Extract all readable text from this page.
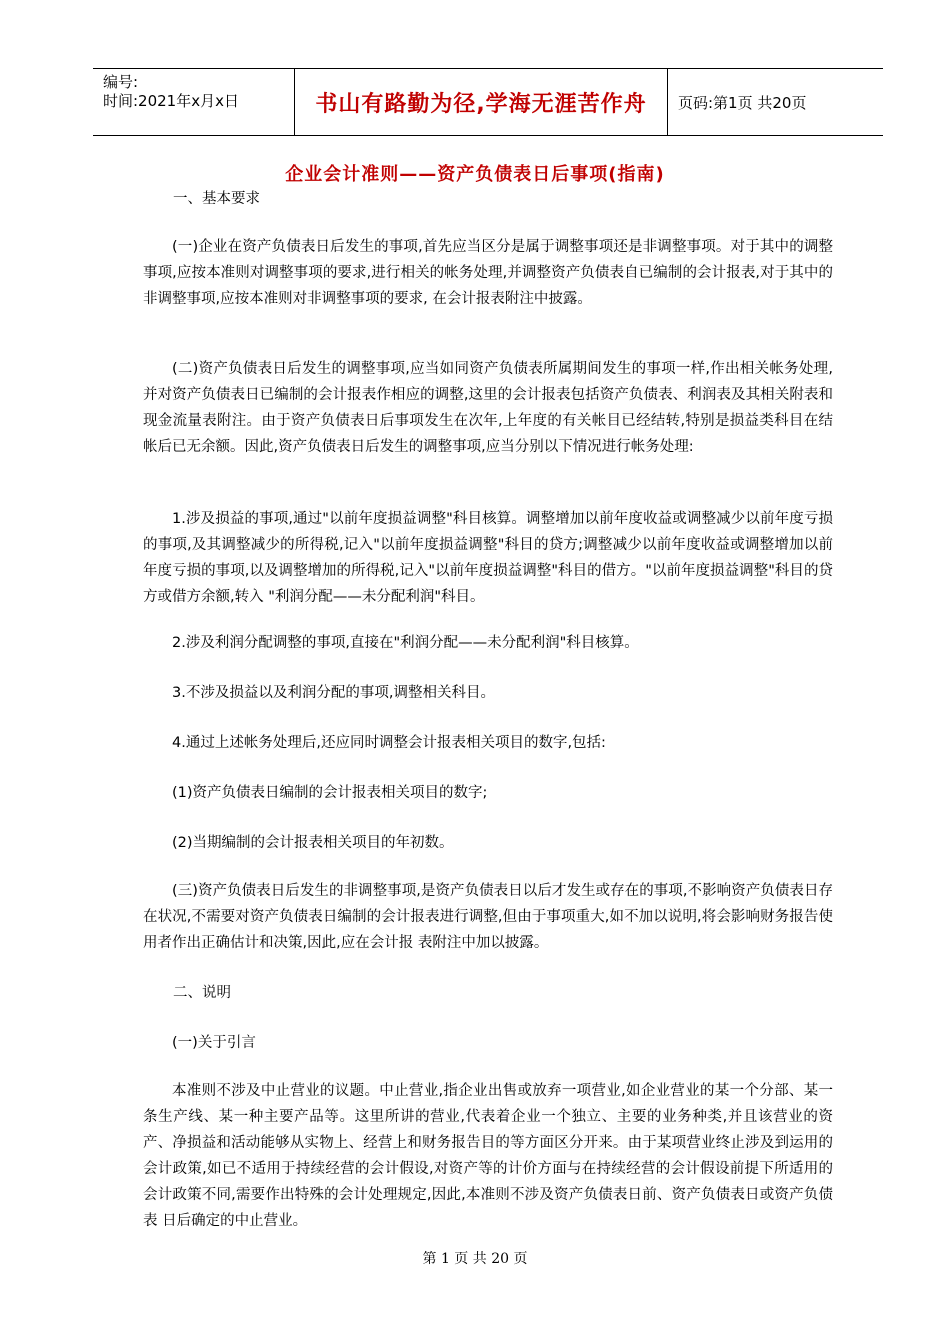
编号:
时间:2021年x月x日	书山有路勤为径,学海无涯苦作舟 页码:第1页 共20页
企业会计准则——资产负债表日后事项(指南)

一、基本要求

(一)企业在资产负债表日后发生的事项,首先应当区分是属于调整事项还是非调整事项。对于其中的调整事项,应按本准则对调整事项的要求,进行相关的帐务处理,并调整资产负债表自已编制的会计报表,对于其中的非调整事项,应按本准则对非调整事项的要求, 在会计报表附注中披露。

(二)资产负债表日后发生的调整事项,应当如同资产负债表所属期间发生的事项一样,作出相关帐务处理,并对资产负债表日已编制的会计报表作相应的调整,这里的会计报表包括资产负债表、利润表及其相关附表和现金流量表附注。由于资产负债表日后事项发生在次年,上年度的有关帐目已经结转,特别是损益类科目在结帐后已无余额。因此,资产负债表日后发生的调整事项,应当分别以下情况进行帐务处理:

1.涉及损益的事项,通过"以前年度损益调整"科目核算。调整增加以前年度收益或调整减少以前年度亏损的事项,及其调整减少的所得税,记入"以前年度损益调整"科目的贷方;调整减少以前年度收益或调整增加以前年度亏损的事项,以及调整增加的所得税,记入"以前年度损益调整"科目的借方。"以前年度损益调整"科目的贷方或借方余额,转入 "利润分配——未分配利润"科目。

2.涉及利润分配调整的事项,直接在"利润分配——未分配利润"科目核算。

3.不涉及损益以及利润分配的事项,调整相关科目。

4.通过上述帐务处理后,还应同时调整会计报表相关项目的数字,包括:

(1)资产负债表日编制的会计报表相关项目的数字;

(2)当期编制的会计报表相关项目的年初数。

(三)资产负债表日后发生的非调整事项,是资产负债表日以后才发生或存在的事项,不影响资产负债表日存在状况,不需要对资产负债表日编制的会计报表进行调整,但由于事项重大,如不加以说明,将会影响财务报告使用者作出正确估计和决策,因此,应在会计报 表附注中加以披露。

二、说明

(一)关于引言

本准则不涉及中止营业的议题。中止营业,指企业出售或放弃一项营业,如企业营业的某一个分部、某一条生产线、某一种主要产品等。这里所讲的营业,代表着企业一个独立、主要的业务种类,并且该营业的资产、净损益和活动能够从实物上、经营上和财务报告目的等方面区分开来。由于某项营业终止涉及到运用的会计政策,如已不适用于持续经营的会计假设,对资产等的计价方面与在持续经营的会计假设前提下所适用的会计政策不同,需要作出特殊的会计处理规定,因此,本准则不涉及资产负债表日前、资产负债表日或资产负债表 日后确定的中止营业。

第 1 页 共 20 页
